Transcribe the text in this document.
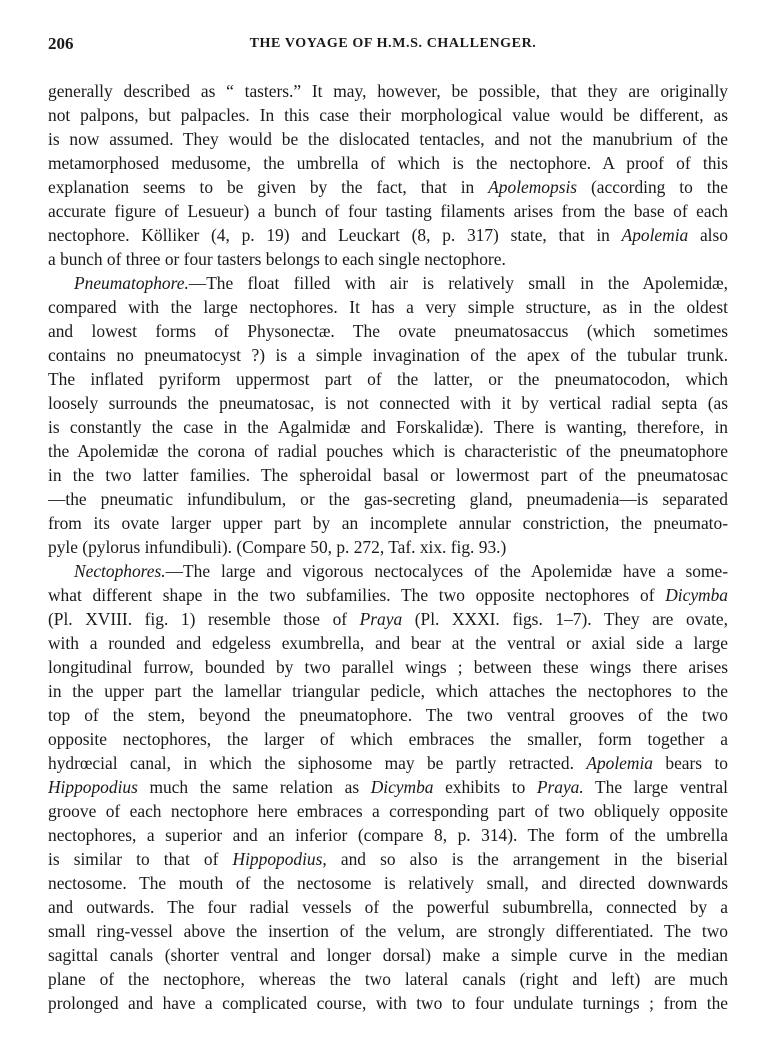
206	THE VOYAGE OF H.M.S. CHALLENGER.
generally described as “ tasters.” It may, however, be possible, that they are originally
not palpons, but palpacles. In this case their morphological value would be different, as
is now assumed. They would be the dislocated tentacles, and not the manubrium of the
metamorphosed medusome, the umbrella of which is the nectophore. A proof of this
explanation seems to be given by the fact, that in Apolemopsis (according to the
accurate figure of Lesueur) a bunch of four tasting filaments arises from the base of each
nectophore. Kölliker (4, p. 19) and Leuckart (8, p. 317) state, that in Apolemia also
a bunch of three or four tasters belongs to each single nectophore.
Pneumatophore.—The float filled with air is relatively small in the Apolemidæ,
compared with the large nectophores. It has a very simple structure, as in the oldest
and lowest forms of Physonectæ. The ovate pneumatosaccus (which sometimes
contains no pneumatocyst ?) is a simple invagination of the apex of the tubular trunk.
The inflated pyriform uppermost part of the latter, or the pneumatocodon, which
loosely surrounds the pneumatosac, is not connected with it by vertical radial septa (as
is constantly the case in the Agalmidæ and Forskalidæ). There is wanting, therefore, in
the Apolemidæ the corona of radial pouches which is characteristic of the pneumatophore
in the two latter families. The spheroidal basal or lowermost part of the pneumatosac
—the pneumatic infundibulum, or the gas-secreting gland, pneumadenia—is separated
from its ovate larger upper part by an incomplete annular constriction, the pneumato-
pyle (pylorus infundibuli). (Compare 50, p. 272, Taf. xix. fig. 93.)
Nectophores.—The large and vigorous nectocalyces of the Apolemidæ have a some-
what different shape in the two subfamilies. The two opposite nectophores of Dicymba
(Pl. XVIII. fig. 1) resemble those of Praya (Pl. XXXI. figs. 1–7). They are ovate,
with a rounded and edgeless exumbrella, and bear at the ventral or axial side a large
longitudinal furrow, bounded by two parallel wings ; between these wings there arises
in the upper part the lamellar triangular pedicle, which attaches the nectophores to the
top of the stem, beyond the pneumatophore. The two ventral grooves of the two
opposite nectophores, the larger of which embraces the smaller, form together a
hydrœcial canal, in which the siphosome may be partly retracted. Apolemia bears to
Hippopodius much the same relation as Dicymba exhibits to Praya. The large ventral
groove of each nectophore here embraces a corresponding part of two obliquely opposite
nectophores, a superior and an inferior (compare 8, p. 314). The form of the umbrella
is similar to that of Hippopodius, and so also is the arrangement in the biserial
nectosome. The mouth of the nectosome is relatively small, and directed downwards
and outwards. The four radial vessels of the powerful subumbrella, connected by a
small ring-vessel above the insertion of the velum, are strongly differentiated. The two
sagittal canals (shorter ventral and longer dorsal) make a simple curve in the median
plane of the nectophore, whereas the two lateral canals (right and left) are much
prolonged and have a complicated course, with two to four undulate turnings ; from the
